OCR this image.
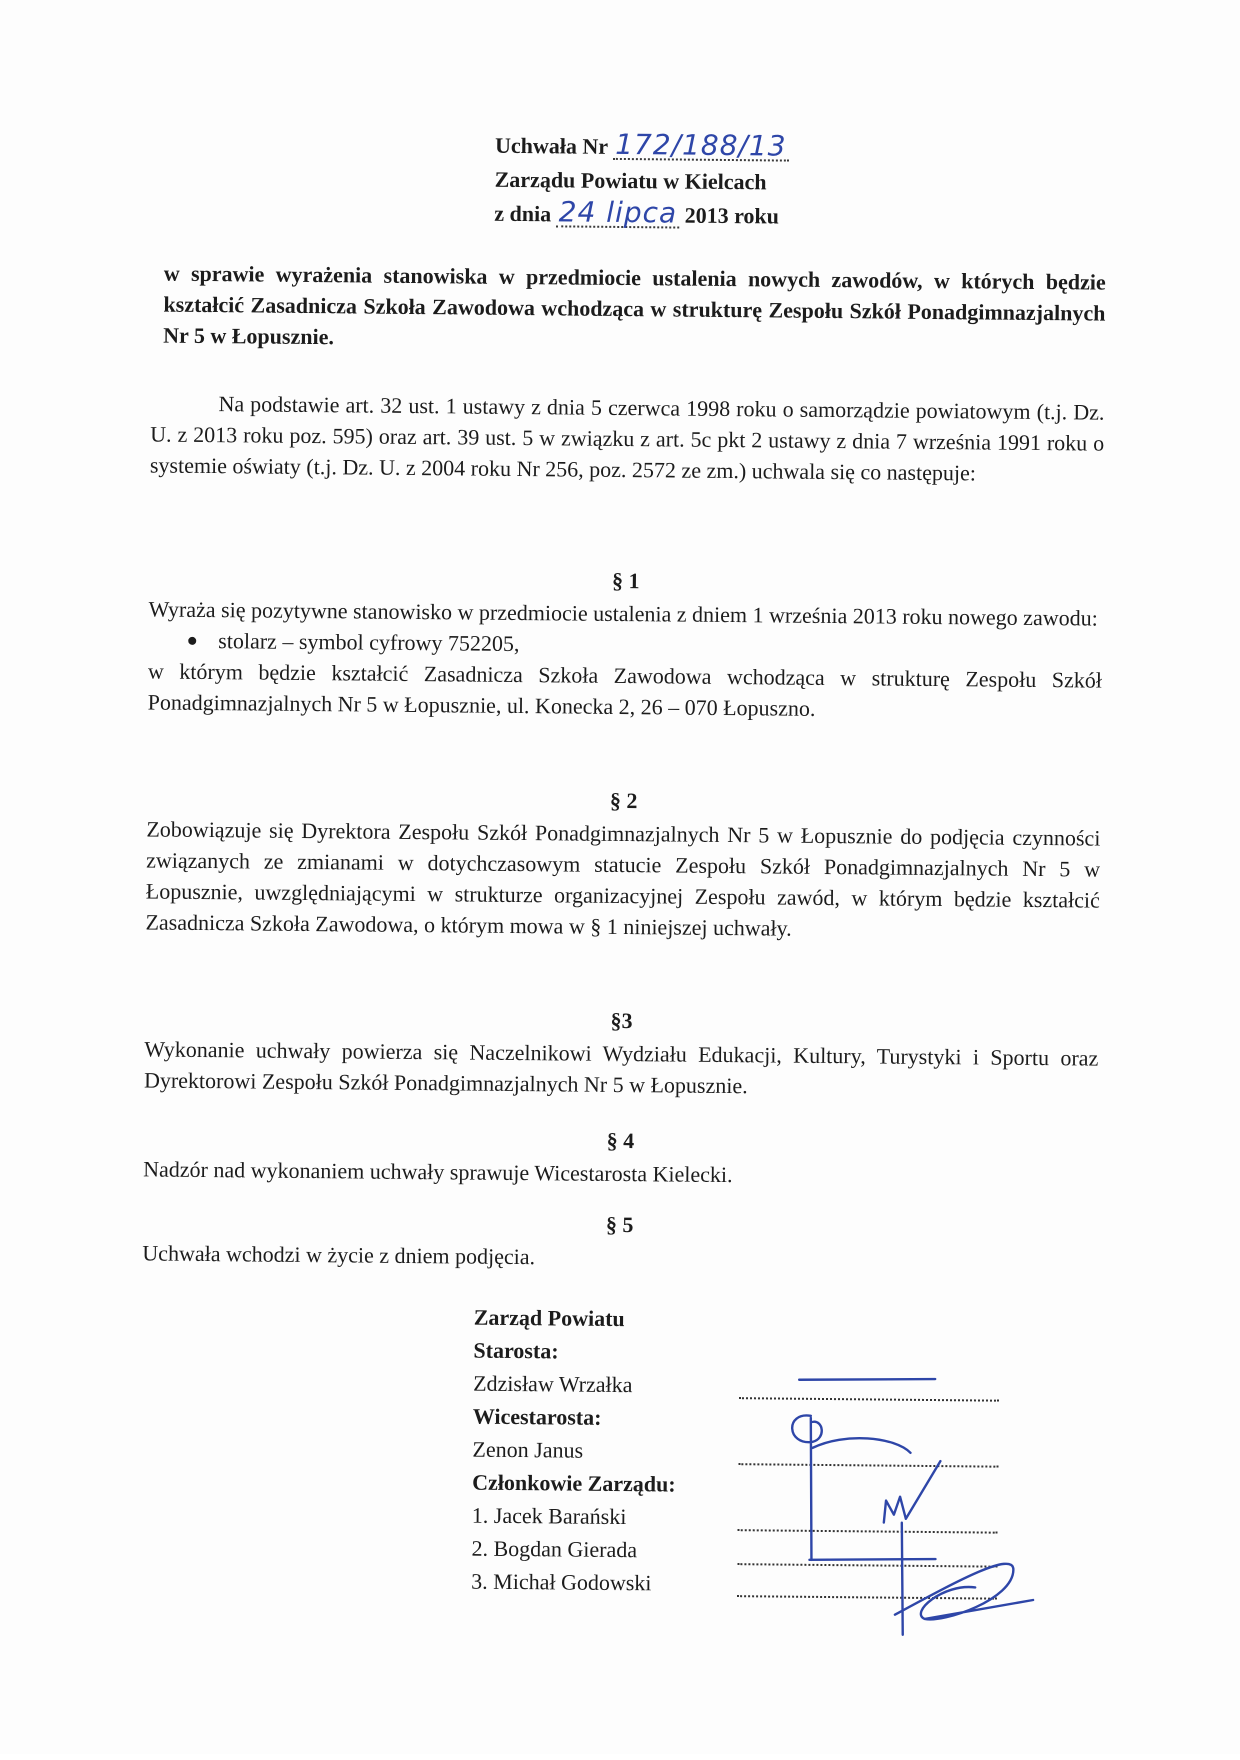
Uchwała Nr 172/188/13
Zarządu Powiatu w Kielcach
z dnia 24 lipca 2013 roku
w sprawie wyrażenia stanowiska w przedmiocie ustalenia nowych zawodów, w których będzie kształcić Zasadnicza Szkoła Zawodowa wchodząca w strukturę Zespołu Szkół Ponadgimnazjalnych Nr 5 w Łopusznie.
Na podstawie art. 32 ust. 1 ustawy z dnia 5 czerwca 1998 roku o samorządzie powiatowym (t.j. Dz. U. z 2013 roku poz. 595) oraz art. 39 ust. 5 w związku z art. 5c pkt 2 ustawy z dnia 7 września 1991 roku o systemie oświaty (t.j. Dz. U. z 2004 roku Nr 256, poz. 2572 ze zm.) uchwala się co następuje:
§ 1
Wyraża się pozytywne stanowisko w przedmiocie ustalenia z dniem 1 września 2013 roku nowego zawodu:
stolarz – symbol cyfrowy 752205,
w którym będzie kształcić Zasadnicza Szkoła Zawodowa wchodząca w strukturę Zespołu Szkół Ponadgimnazjalnych Nr 5 w Łopusznie, ul. Konecka 2, 26 – 070 Łopuszno.
§ 2
Zobowiązuje się Dyrektora Zespołu Szkół Ponadgimnazjalnych Nr 5 w Łopusznie do podjęcia czynności związanych ze zmianami w dotychczasowym statucie Zespołu Szkół Ponadgimnazjalnych Nr 5 w Łopusznie, uwzględniającymi w strukturze organizacyjnej Zespołu zawód, w którym będzie kształcić Zasadnicza Szkoła Zawodowa, o którym mowa w § 1 niniejszej uchwały.
§3
Wykonanie uchwały powierza się Naczelnikowi Wydziału Edukacji, Kultury, Turystyki i Sportu oraz Dyrektorowi Zespołu Szkół Ponadgimnazjalnych Nr 5 w Łopusznie.
§ 4
Nadzór nad wykonaniem uchwały sprawuje Wicestarosta Kielecki.
§ 5
Uchwała wchodzi w życie z dniem podjęcia.
Zarząd Powiatu
Starosta:
Zdzisław Wrzałka
Wicestarosta:
Zenon Janus
Członkowie Zarządu:
1. Jacek Barański
2. Bogdan Gierada
3. Michał Godowski
